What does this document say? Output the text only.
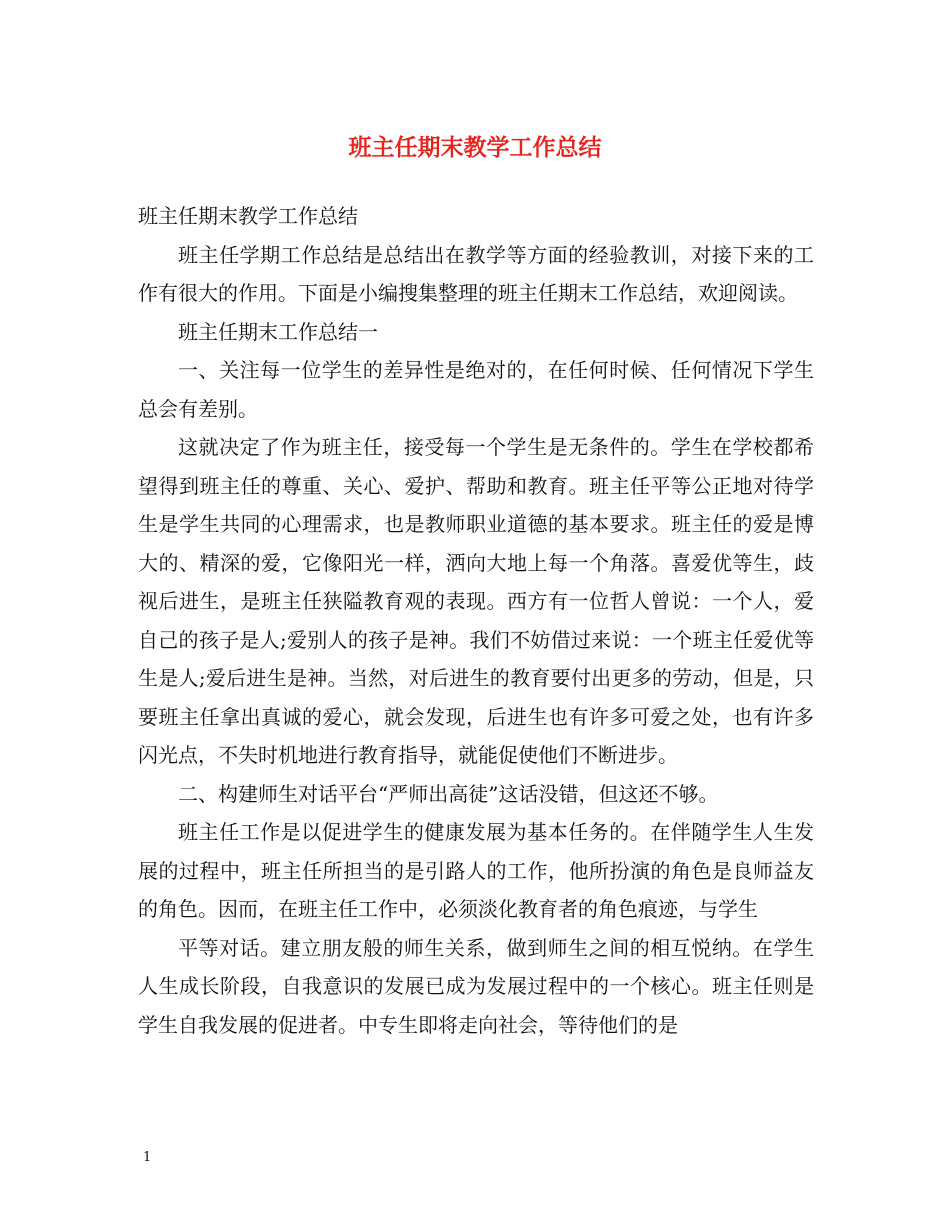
班主任期末教学工作总结

班主任期末教学工作总结

班主任学期工作总结是总结出在教学等方面的经验教训，对接下来的工作有很大的作用。下面是小编搜集整理的班主任期末工作总结，欢迎阅读。

班主任期末工作总结一

一、关注每一位学生的差异性是绝对的，在任何时候、任何情况下学生总会有差别。

这就决定了作为班主任，接受每一个学生是无条件的。学生在学校都希望得到班主任的尊重、关心、爱护、帮助和教育。班主任平等公正地对待学生是学生共同的心理需求，也是教师职业道德的基本要求。班主任的爱是博大的、精深的爱，它像阳光一样，洒向大地上每一个角落。喜爱优等生，歧视后进生，是班主任狭隘教育观的表现。西方有一位哲人曾说：一个人，爱自己的孩子是人;爱别人的孩子是神。我们不妨借过来说：一个班主任爱优等生是人;爱后进生是神。当然，对后进生的教育要付出更多的劳动，但是，只要班主任拿出真诚的爱心，就会发现，后进生也有许多可爱之处，也有许多闪光点，不失时机地进行教育指导，就能促使他们不断进步。

二、构建师生对话平台“严师出高徒”这话没错，但这还不够。

班主任工作是以促进学生的健康发展为基本任务的。在伴随学生人生发展的过程中，班主任所担当的是引路人的工作，他所扮演的角色是良师益友的角色。因而，在班主任工作中，必须淡化教育者的角色痕迹，与学生

平等对话。建立朋友般的师生关系，做到师生之间的相互悦纳。在学生人生成长阶段，自我意识的发展已成为发展过程中的一个核心。班主任则是学生自我发展的促进者。中专生即将走向社会，等待他们的是

1
